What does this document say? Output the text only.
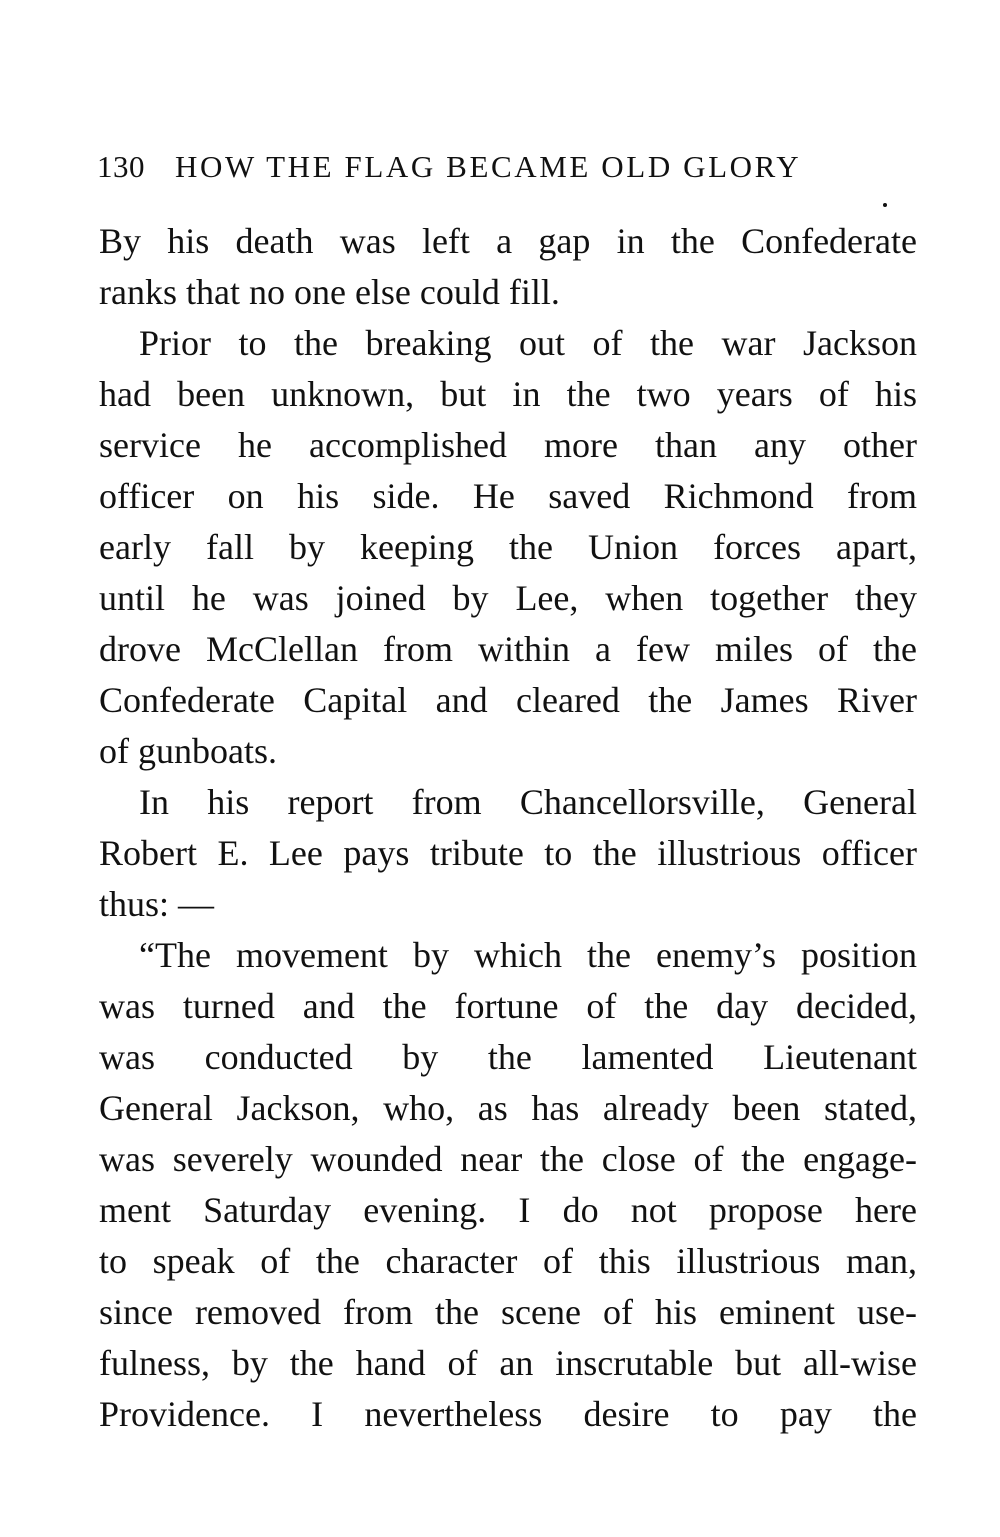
130 HOW THE FLAG BECAME OLD GLORY
By his death was left a gap in the Confederate
ranks that no one else could fill.
Prior to the breaking out of the war Jackson
had been unknown, but in the two years of his
service he accomplished more than any other
officer on his side. He saved Richmond from
early fall by keeping the Union forces apart,
until he was joined by Lee, when together they
drove McClellan from within a few miles of the
Confederate Capital and cleared the James River
of gunboats.
In his report from Chancellorsville, General
Robert E. Lee pays tribute to the illustrious officer
thus: —
“The movement by which the enemy’s position
was turned and the fortune of the day decided,
was conducted by the lamented Lieutenant
General Jackson, who, as has already been stated,
was severely wounded near the close of the engage-
ment Saturday evening. I do not propose here
to speak of the character of this illustrious man,
since removed from the scene of his eminent use-
fulness, by the hand of an inscrutable but all-wise
Providence. I nevertheless desire to pay the
